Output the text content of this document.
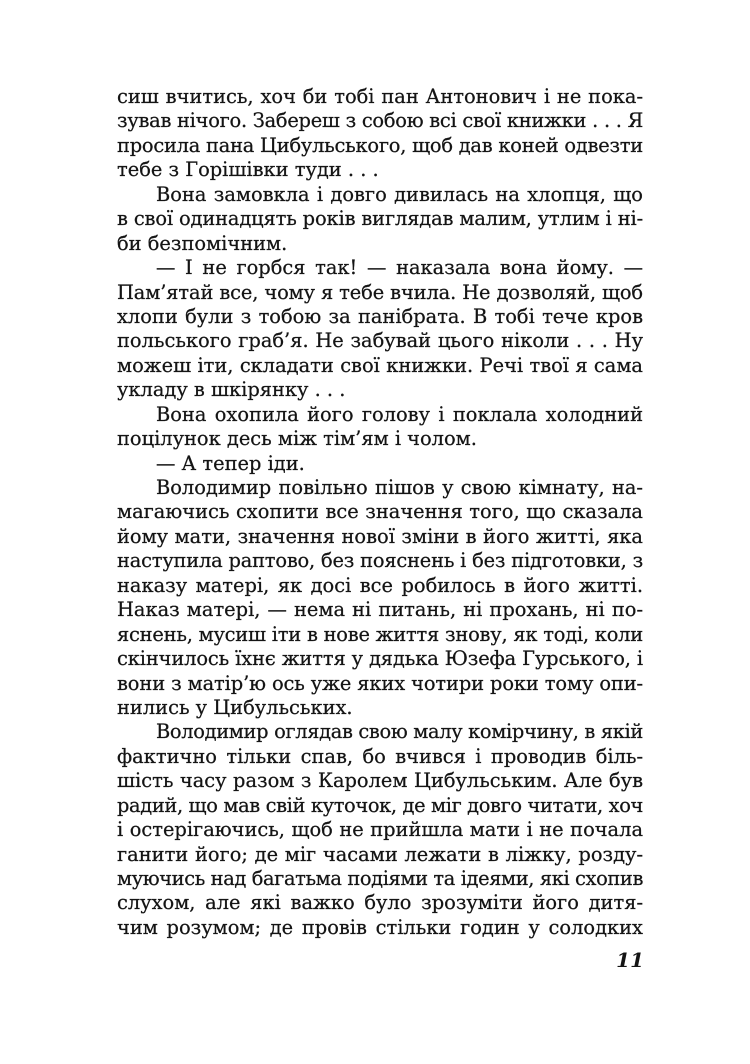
сиш вчитись, хоч би тобі пан Антонович і не пока-
зував нічого. Забереш з собою всі свої книжки . . . Я
просила пана Цибульського, щоб дав коней одвезти
тебе з Горішівки туди . . .
Вона замовкла і довго дивилась на хлопця, що
в свої одинадцять років виглядав малим, утлим і ні-
би безпомічним.
— І не горбся так! — наказала вона йому. —
Пам’ятай все, чому я тебе вчила. Не дозволяй, щоб
хлопи були з тобою за панібрата. В тобі тече кров
польського граб’я. Не забувай цього ніколи . . . Ну
можеш іти, складати свої книжки. Речі твої я сама
укладу в шкірянку . . .
Вона охопила його голову і поклала холодний
поцілунок десь між тім’ям і чолом.
— А тепер іди.
Володимир повільно пішов у свою кімнату, на-
магаючись схопити все значення того, що сказала
йому мати, значення нової зміни в його житті, яка
наступила раптово, без пояснень і без підготовки, з
наказу матері, як досі все робилось в його житті.
Наказ матері, — нема ні питань, ні прохань, ні по-
яснень, мусиш іти в нове життя знову, як тоді, коли
скінчилось їхнє життя у дядька Юзефа Гурського, і
вони з матір’ю ось уже яких чотири роки тому опи-
нились у Цибульських.
Володимир оглядав свою малу комірчину, в якій
фактично тільки спав, бо вчився і проводив біль-
шість часу разом з Каролем Цибульським. Але був
радий, що мав свій куточок, де міг довго читати, хоч
і остерігаючись, щоб не прийшла мати і не почала
ганити його; де міг часами лежати в ліжку, розду-
муючись над багатьма подіями та ідеями, які схопив
слухом, але які важко було зрозуміти його дитя-
чим розумом; де провів стільки годин у солодких
11
